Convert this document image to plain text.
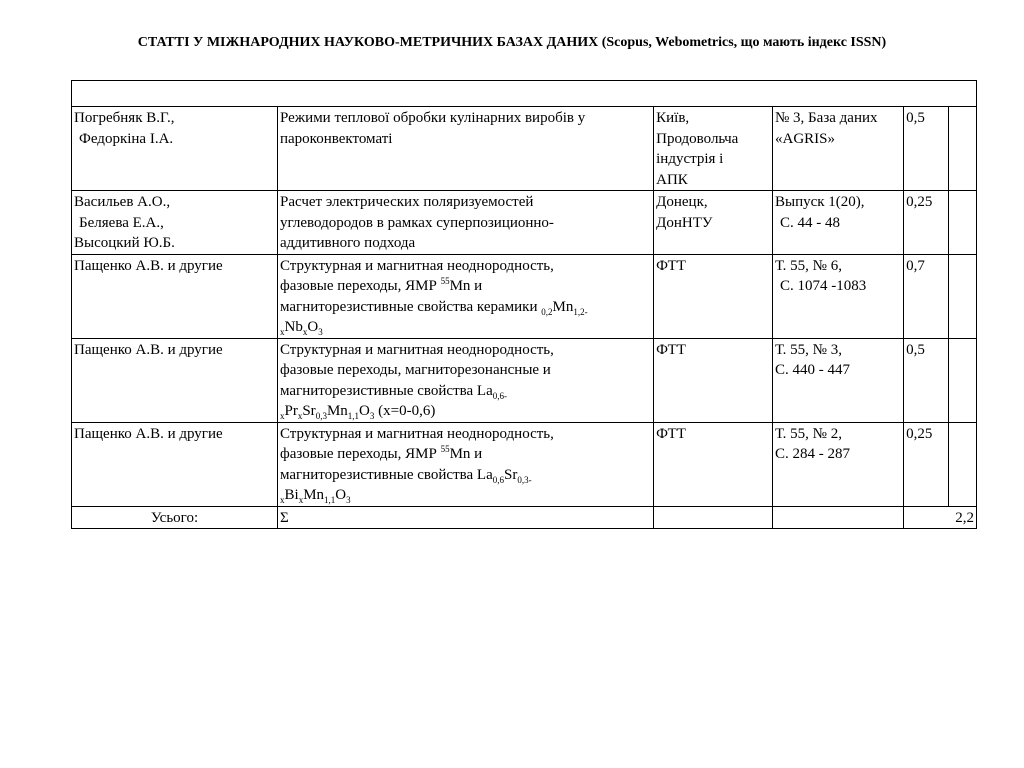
СТАТТІ У МІЖНАРОДНИХ НАУКОВО-МЕТРИЧНИХ БАЗАХ ДАНИХ (Scopus, Webometrics, що мають індекс ISSN)

Погребняк В.Г.,
Федоркіна І.А.	Режими теплової обробки кулінарних виробів у
пароконвектоматі	Київ,
Продовольча
індустрія і
АПК	№ 3, База даних
«AGRIS»	0,5	

Васильев А.О.,
Беляева Е.А.,
Высоцкий Ю.Б.	Расчет электрических поляризуемостей
углеводородов в рамках суперпозиционно-
аддитивного подхода	Донецк,
ДонНТУ	Выпуск 1(20),
С. 44 - 48	0,25	

Пащенко А.В. и другие	Структурная и магнитная неоднородность,
фазовые переходы, ЯМР $^{55}$Mn и
магниторезистивные свойства керамики $_{0,2}Mn_{1,2-}$
$_xNb_xO_3$	ФТТ	Т. 55, № 6,
С. 1074 -1083	0,7	

Пащенко А.В. и другие	Структурная и магнитная неоднородность,
фазовые переходы, магниторезонансные и
магниторезистивные свойства $La_{0,6-}$
$_xPr_xSr_{0,3}Mn_{1,1}O_3$ (x=0-0,6)	ФТТ	Т. 55, № 3,
С. 440 - 447	0,5	

Пащенко А.В. и другие	Структурная и магнитная неоднородность,
фазовые переходы, ЯМР $^{55}$Mn и
магниторезистивные свойства $La_{0,6}Sr_{0,3-}$
$_xBi_xMn_{1,1}O_3$	ФТТ	Т. 55, № 2,
С. 284 - 287	0,25	
Усього:	Σ			2,2	
